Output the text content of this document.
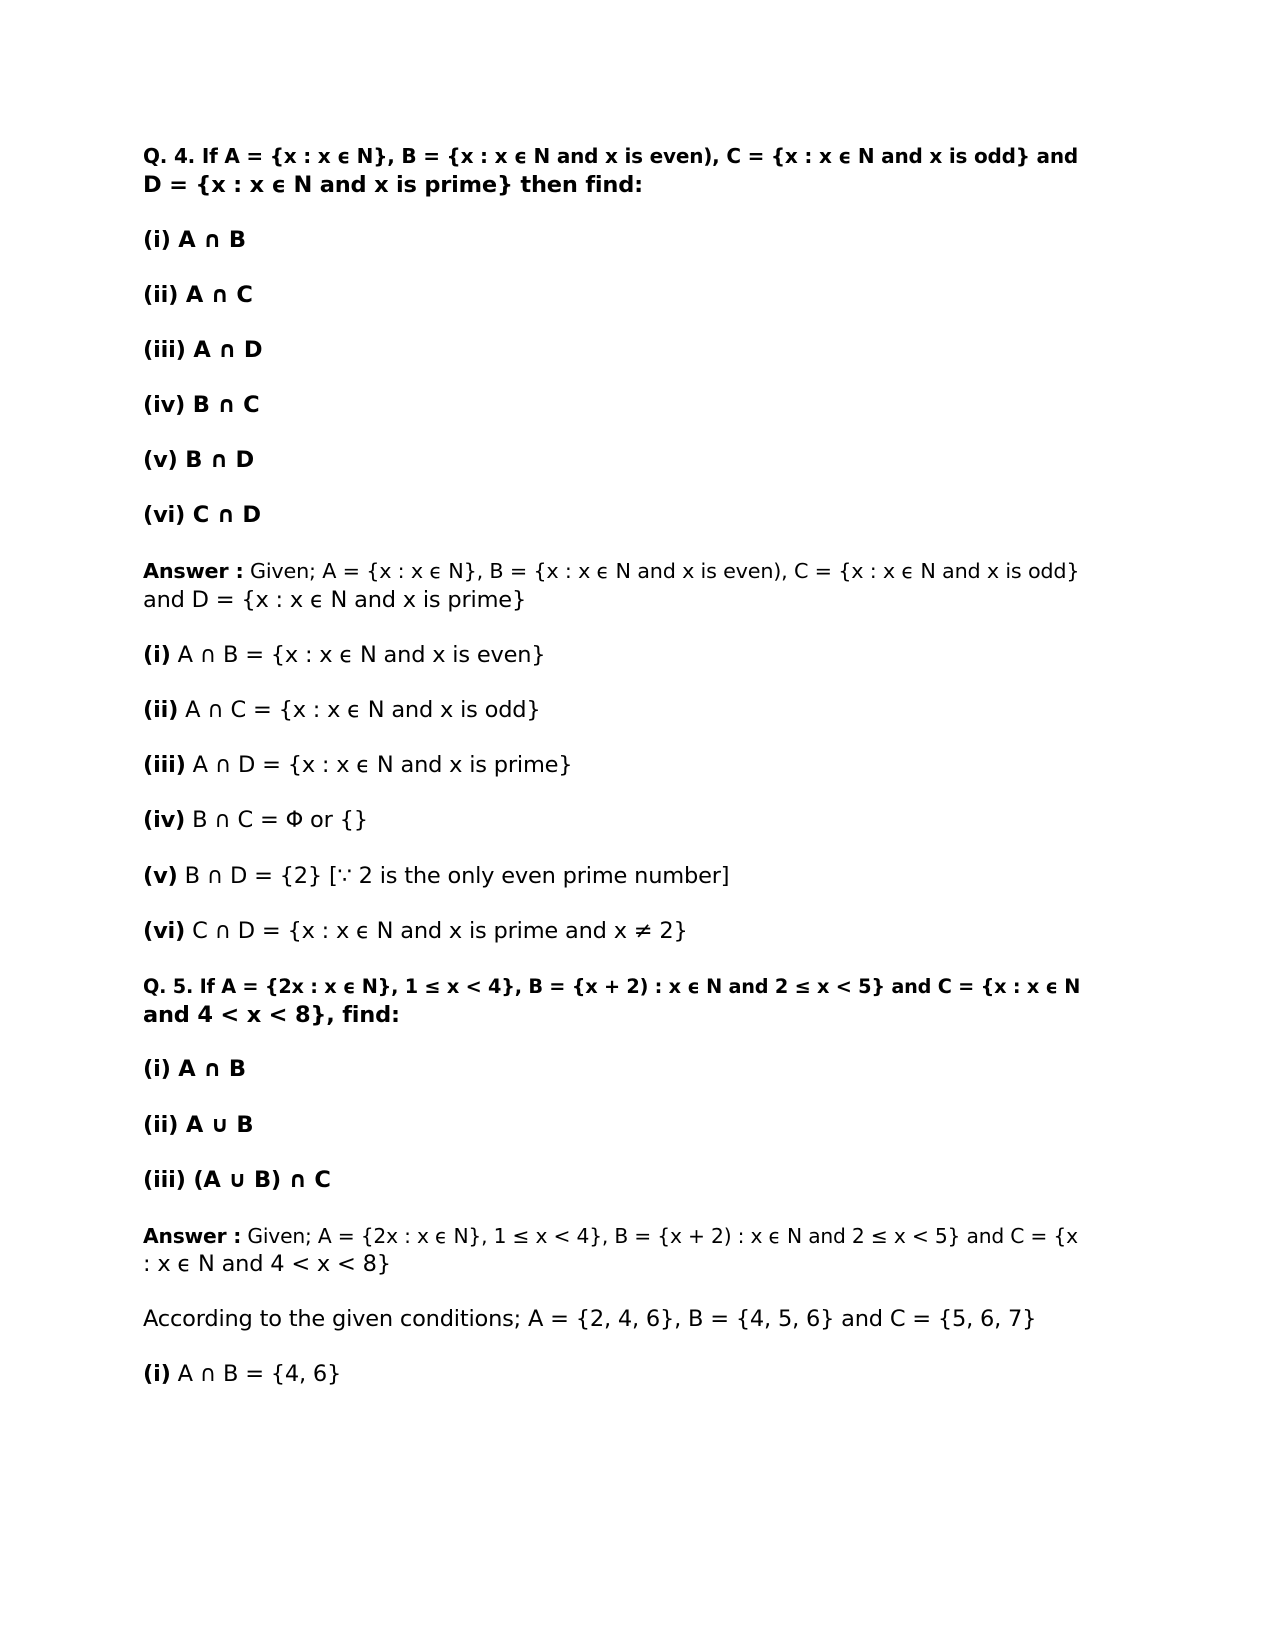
Q. 4. If A = {x : x ϵ N}, B = {x : x ϵ N and x is even), C = {x : x ϵ N and x is odd} and
D = {x : x ϵ N and x is prime} then find:
(i) A ∩ B
(ii) A ∩ C
(iii) A ∩ D
(iv) B ∩ C
(v) B ∩ D
(vi) C ∩ D
Answer : Given; A = {x : x ϵ N}, B = {x : x ϵ N and x is even), C = {x : x ϵ N and x is odd}
and D = {x : x ϵ N and x is prime}
(i) A ∩ B = {x : x ϵ N and x is even}
(ii) A ∩ C = {x : x ϵ N and x is odd}
(iii) A ∩ D = {x : x ϵ N and x is prime}
(iv) B ∩ C = Φ or {}
(v) B ∩ D = {2} [∵ 2 is the only even prime number]
(vi) C ∩ D = {x : x ϵ N and x is prime and x ≠ 2}
Q. 5. If A = {2x : x ϵ N}, 1 ≤ x < 4}, B = {x + 2) : x ϵ N and 2 ≤ x < 5} and C = {x : x ϵ N
and 4 < x < 8}, find:
(i) A ∩ B
(ii) A ∪ B
(iii) (A ∪ B) ∩ C
Answer : Given; A = {2x : x ϵ N}, 1 ≤ x < 4}, B = {x + 2) : x ϵ N and 2 ≤ x < 5} and C = {x
: x ϵ N and 4 < x < 8}
According to the given conditions; A = {2, 4, 6}, B = {4, 5, 6} and C = {5, 6, 7}
(i) A ∩ B = {4, 6}
